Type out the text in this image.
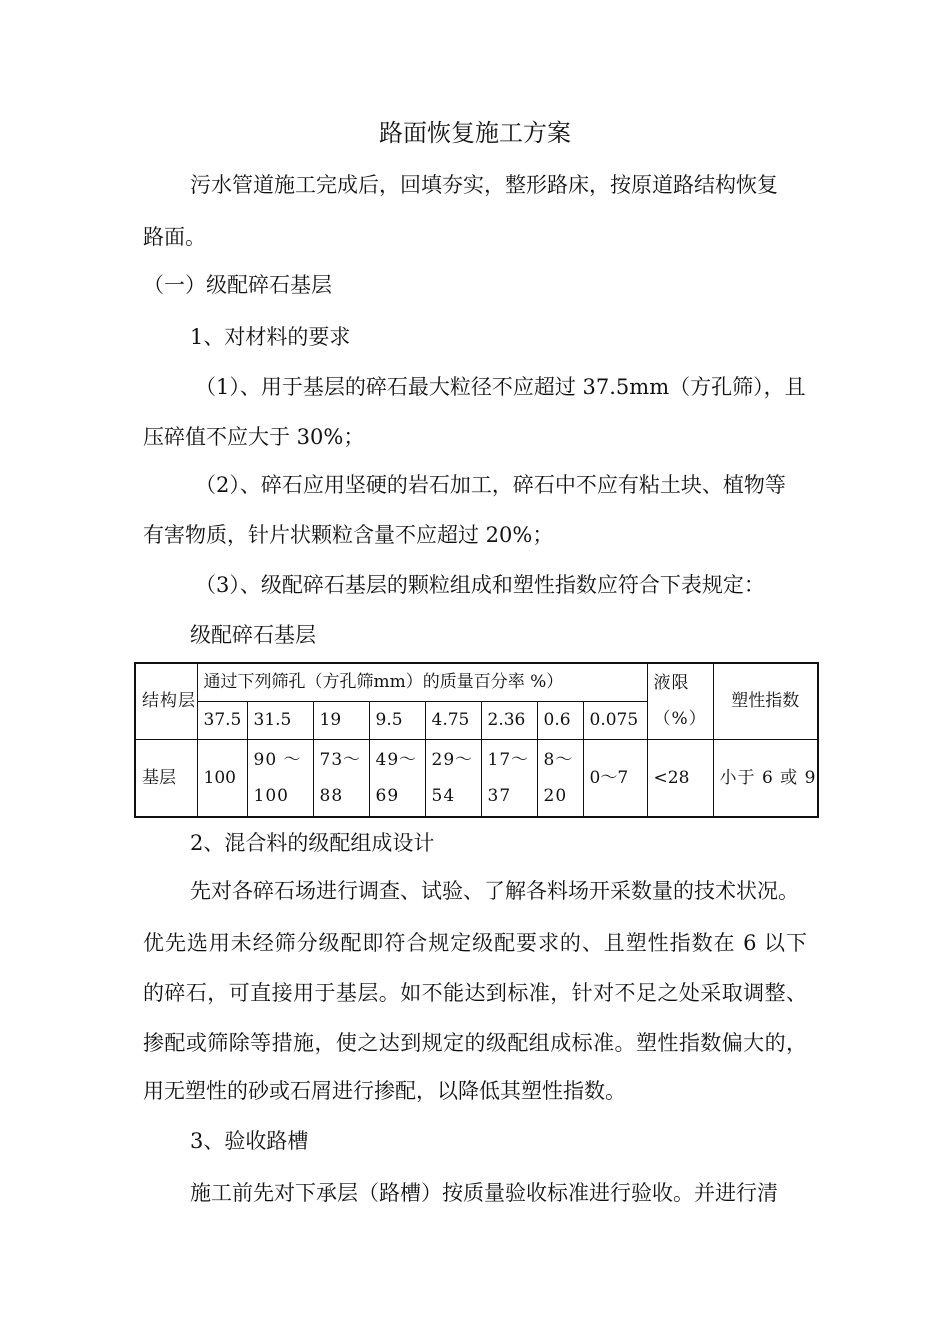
路面恢复施工方案
污水管道施工完成后，回填夯实，整形路床，按原道路结构恢复
路面。
（一）级配碎石基层
1、对材料的要求
（1）、用于基层的碎石最大粒径不应超过 37.5mm（方孔筛），且
压碎值不应大于 30%；
（2）、碎石应用坚硬的岩石加工，碎石中不应有粘土块、植物等
有害物质，针片状颗粒含量不应超过 20%；
（3）、级配碎石基层的颗粒组成和塑性指数应符合下表规定：
级配碎石基层
结构层	通过下列筛孔（方孔筛mm）的质量百分率 %）								液限（%）	塑性指数
	37.5	31.5	19	9.5	4.75	2.36	0.6	0.075		
基层	100	90 ～100	73～88	49～69	29～54	17～37	8～20	0～7	<28	小于 6 或 9
2、混合料的级配组成设计
先对各碎石场进行调查、试验、了解各料场开采数量的技术状况。
优先选用未经筛分级配即符合规定级配要求的、且塑性指数在 6 以下
的碎石，可直接用于基层。如不能达到标准，针对不足之处采取调整、
掺配或筛除等措施，使之达到规定的级配组成标准。塑性指数偏大的，
用无塑性的砂或石屑进行掺配，以降低其塑性指数。
3、验收路槽
施工前先对下承层（路槽）按质量验收标准进行验收。并进行清
